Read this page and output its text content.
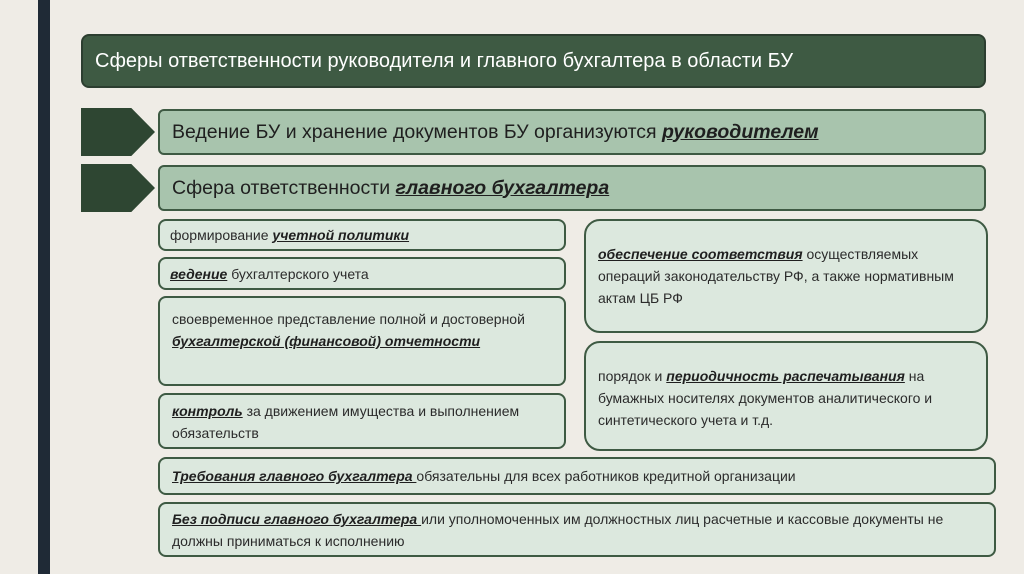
Сферы ответственности руководителя и главного бухгалтера в области БУ
Ведение БУ и хранение документов БУ организуются руководителем
Сфера ответственности главного бухгалтера
формирование учетной политики
ведение бухгалтерского учета
своевременное представление полной и достоверной бухгалтерской (финансовой) отчетности
контроль за движением имущества и выполнением обязательств
обеспечение соответствия осуществляемых операций законодательству РФ, а также нормативным актам ЦБ РФ
порядок и периодичность распечатывания на бумажных носителях документов аналитического и синтетического учета и т.д.
Требования главного бухгалтера обязательны для всех работников кредитной организации
Без подписи главного бухгалтера или уполномоченных им должностных лиц расчетные и кассовые документы не должны приниматься к исполнению
